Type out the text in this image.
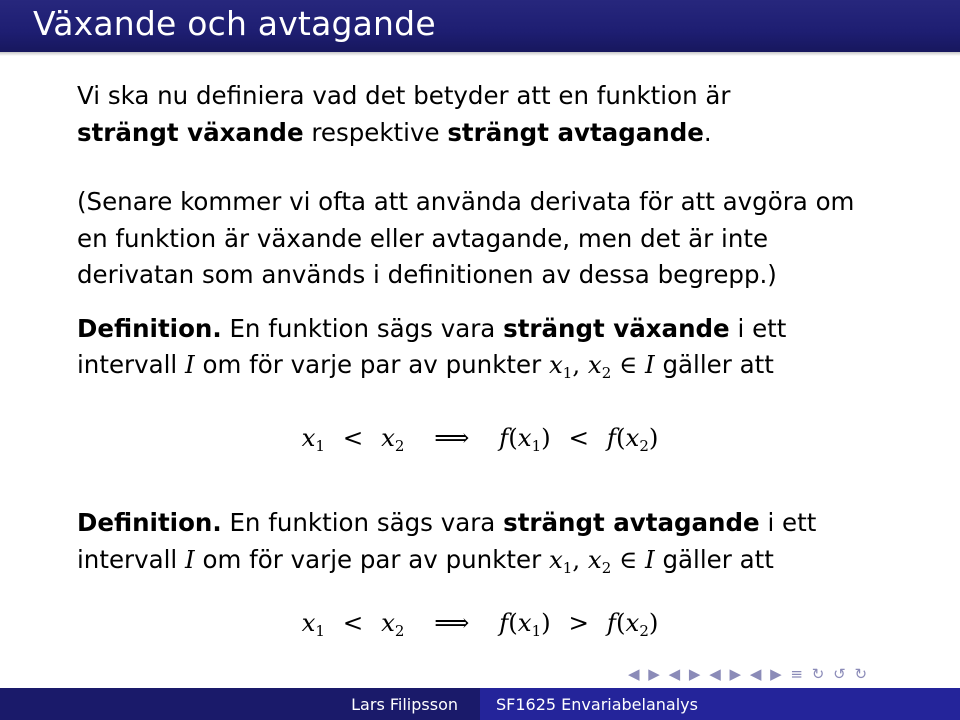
Växande och avtagande

Vi ska nu definiera vad det betyder att en funktion är

strängt växande respektive strängt avtagande.

(Senare kommer vi ofta att använda derivata för att avgöra om

en funktion är växande eller avtagande, men det är inte

derivatan som används i definitionen av dessa begrepp.)

Definition. En funktion sägs vara strängt växande i ett

intervall I om för varje par av punkter $x_1$, $x_2$ ∈ I gäller att

$x_1 < x_2$ ⟹ $f(x_1) < f(x_2)$

Definition. En funktion sägs vara strängt avtagande i ett

intervall I om för varje par av punkter $x_1$, $x_2$ ∈ I gäller att

$x_1 < x_2$ ⟹ $f(x_1) > f(x_2)$
◀ ▶ ◀ ▶ ◀ ▶ ◀ ▶ ≡ ↻ ↺ ↻
Lars Filipsson SF1625 Envariabelanalys
